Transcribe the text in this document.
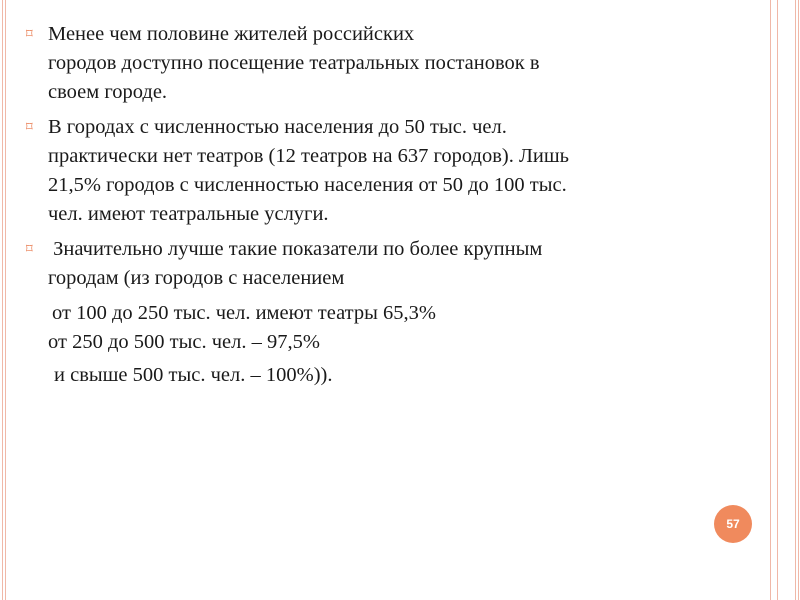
⌑ Менее чем половине жителей российских
городов доступно посещение театральных постановок в
своем городе.
⌑ В городах с численностью населения до 50 тыс. чел.
практически нет театров (12 театров на 637 городов). Лишь
21,5% городов с численностью населения от 50 до 100 тыс.
чел. имеют театральные услуги.
⌑ Значительно лучше такие показатели по более крупным
городам (из городов с населением
от 100 до 250 тыс. чел. имеют театры 65,3%
от 250 до 500 тыс. чел. – 97,5%
и свыше 500 тыс. чел. – 100%)).
57
